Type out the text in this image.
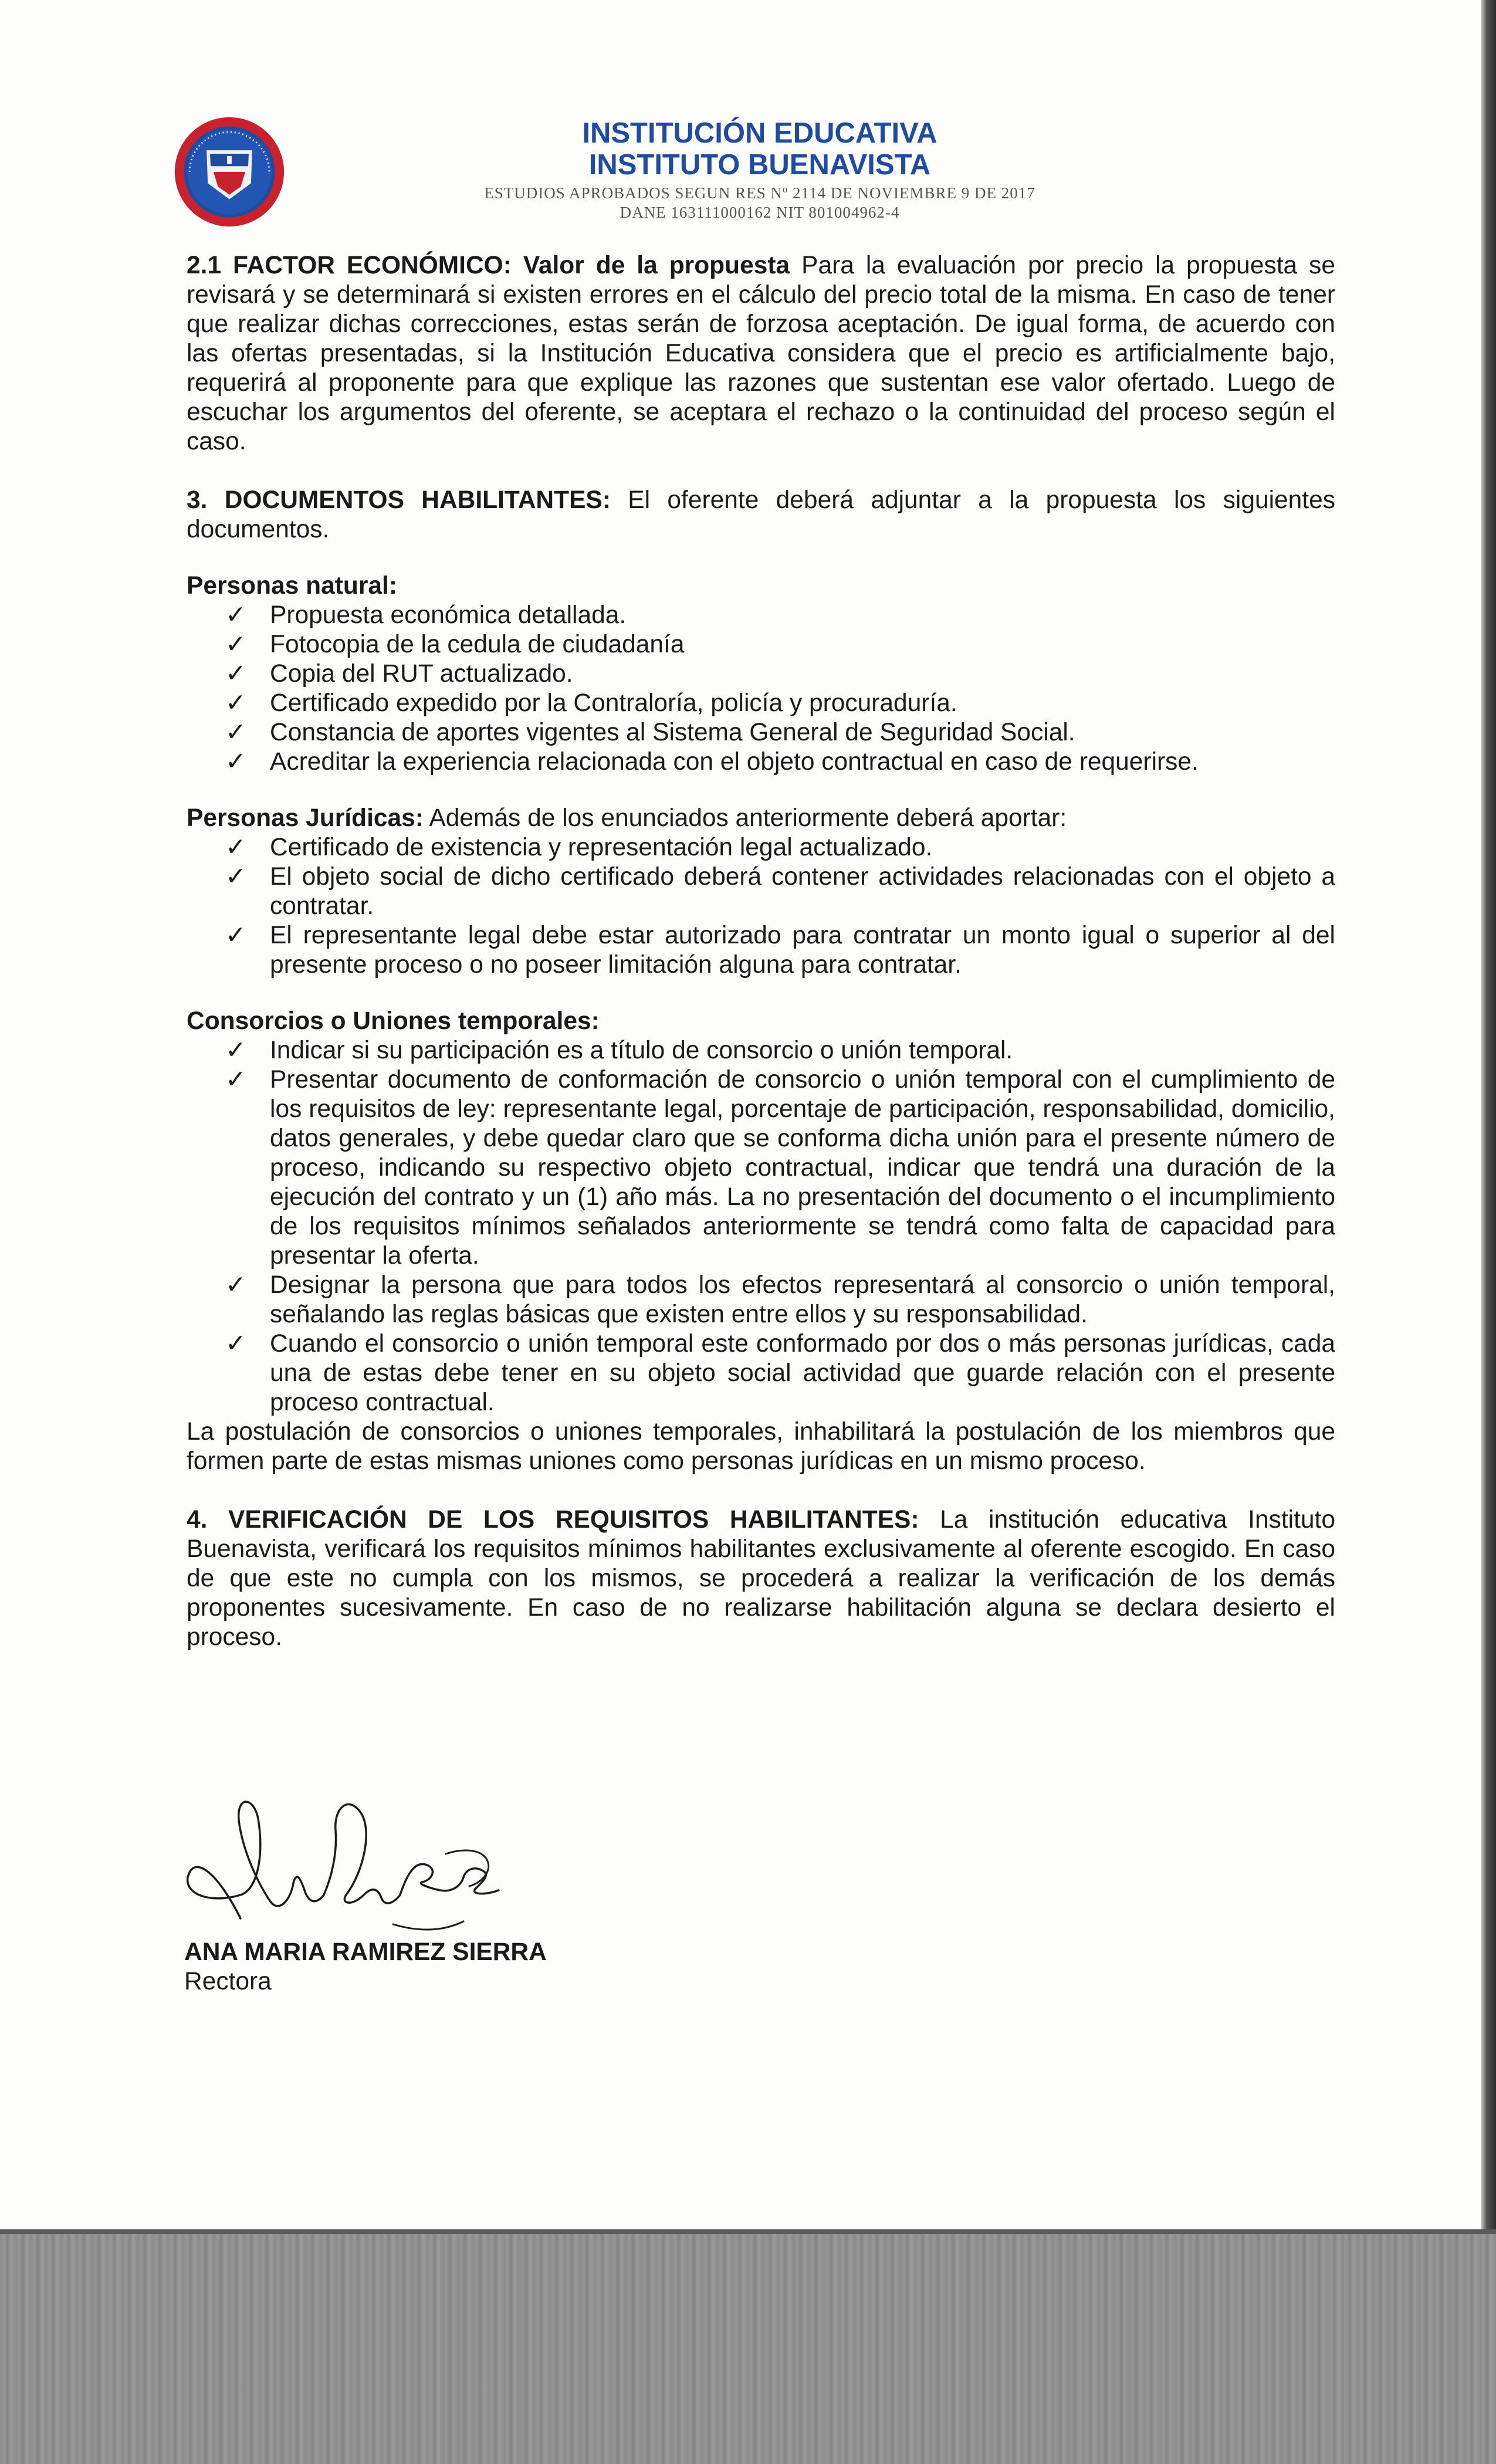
INSTITUCIÓN EDUCATIVA
INSTITUTO BUENAVISTA
ESTUDIOS APROBADOS SEGUN RES Nº 2114 DE NOVIEMBRE 9 DE 2017
DANE 163111000162 NIT 801004962-4

2.1 FACTOR ECONÓMICO: Valor de la propuesta Para la evaluación por precio la propuesta se revisará y se determinará si existen errores en el cálculo del precio total de la misma. En caso de tener que realizar dichas correcciones, estas serán de forzosa aceptación. De igual forma, de acuerdo con las ofertas presentadas, si la Institución Educativa considera que el precio es artificialmente bajo, requerirá al proponente para que explique las razones que sustentan ese valor ofertado. Luego de escuchar los argumentos del oferente, se aceptara el rechazo o la continuidad del proceso según el caso.

3. DOCUMENTOS HABILITANTES: El oferente deberá adjuntar a la propuesta los siguientes documentos.

Personas natural:

✓ Propuesta económica detallada.
✓ Fotocopia de la cedula de ciudadanía
✓ Copia del RUT actualizado.
✓ Certificado expedido por la Contraloría, policía y procuraduría.
✓ Constancia de aportes vigentes al Sistema General de Seguridad Social.
✓ Acreditar la experiencia relacionada con el objeto contractual en caso de requerirse.

Personas Jurídicas: Además de los enunciados anteriormente deberá aportar:

✓ Certificado de existencia y representación legal actualizado.
✓ El objeto social de dicho certificado deberá contener actividades relacionadas con el objeto a contratar.
✓ El representante legal debe estar autorizado para contratar un monto igual o superior al del presente proceso o no poseer limitación alguna para contratar.

Consorcios o Uniones temporales:

✓ Indicar si su participación es a título de consorcio o unión temporal.
✓ Presentar documento de conformación de consorcio o unión temporal con el cumplimiento de los requisitos de ley: representante legal, porcentaje de participación, responsabilidad, domicilio, datos generales, y debe quedar claro que se conforma dicha unión para el presente número de proceso, indicando su respectivo objeto contractual, indicar que tendrá una duración de la ejecución del contrato y un (1) año más. La no presentación del documento o el incumplimiento de los requisitos mínimos señalados anteriormente se tendrá como falta de capacidad para presentar la oferta.
✓ Designar la persona que para todos los efectos representará al consorcio o unión temporal, señalando las reglas básicas que existen entre ellos y su responsabilidad.
✓ Cuando el consorcio o unión temporal este conformado por dos o más personas jurídicas, cada una de estas debe tener en su objeto social actividad que guarde relación con el presente proceso contractual.

La postulación de consorcios o uniones temporales, inhabilitará la postulación de los miembros que formen parte de estas mismas uniones como personas jurídicas en un mismo proceso.

4. VERIFICACIÓN DE LOS REQUISITOS HABILITANTES: La institución educativa Instituto Buenavista, verificará los requisitos mínimos habilitantes exclusivamente al oferente escogido. En caso de que este no cumpla con los mismos, se procederá a realizar la verificación de los demás proponentes sucesivamente. En caso de no realizarse habilitación alguna se declara desierto el proceso.

ANA MARIA RAMIREZ SIERRA
Rectora
